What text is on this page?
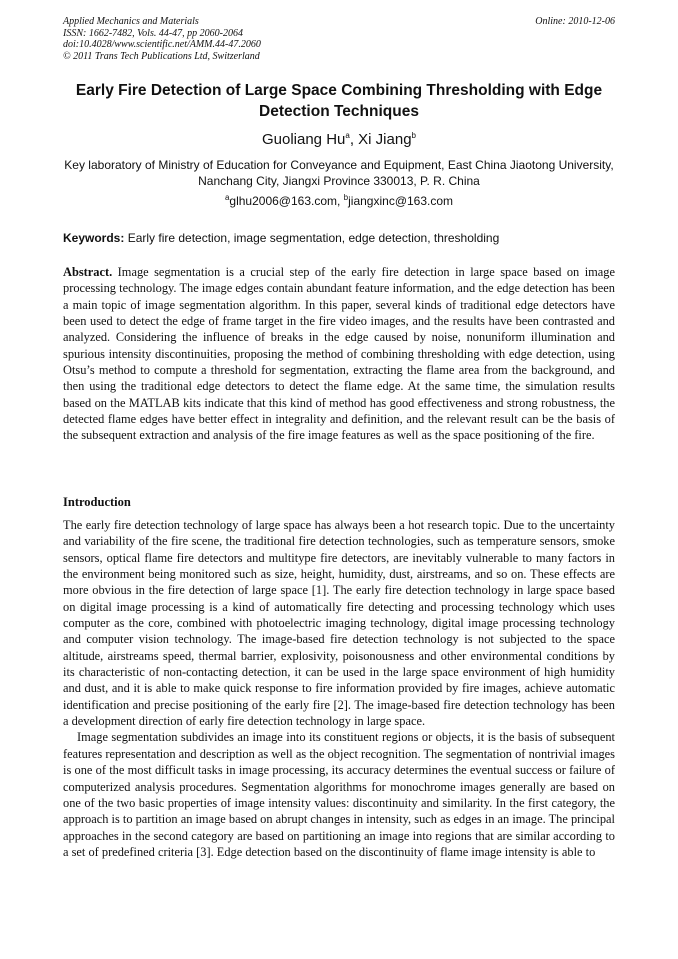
Applied Mechanics and Materials
ISSN: 1662-7482, Vols. 44-47, pp 2060-2064
doi:10.4028/www.scientific.net/AMM.44-47.2060
© 2011 Trans Tech Publications Ltd, Switzerland
Online: 2010-12-06
Early Fire Detection of Large Space Combining Thresholding with Edge Detection Techniques
Guoliang Hu$^a$, Xi Jiang$^b$
Key laboratory of Ministry of Education for Conveyance and Equipment, East China Jiaotong University, Nanchang City, Jiangxi Province 330013, P. R. China
$^a$glhu2006@163.com, $^b$jiangxinc@163.com
Keywords: Early fire detection, image segmentation, edge detection, thresholding
Abstract. Image segmentation is a crucial step of the early fire detection in large space based on image processing technology. The image edges contain abundant feature information, and the edge detection has been a main topic of image segmentation algorithm. In this paper, several kinds of traditional edge detectors have been used to detect the edge of frame target in the fire video images, and the results have been contrasted and analyzed. Considering the influence of breaks in the edge caused by noise, nonuniform illumination and spurious intensity discontinuities, proposing the method of combining thresholding with edge detection, using Otsu’s method to compute a threshold for segmentation, extracting the flame area from the background, and then using the traditional edge detectors to detect the flame edge. At the same time, the simulation results based on the MATLAB kits indicate that this kind of method has good effectiveness and strong robustness, the detected flame edges have better effect in integrality and definition, and the relevant result can be the basis of the subsequent extraction and analysis of the fire image features as well as the space positioning of the fire.
Introduction

The early fire detection technology of large space has always been a hot research topic. Due to the uncertainty and variability of the fire scene, the traditional fire detection technologies, such as temperature sensors, smoke sensors, optical flame fire detectors and multitype fire detectors, are inevitably vulnerable to many factors in the environment being monitored such as size, height, humidity, dust, airstreams, and so on. These effects are more obvious in the fire detection of large space [1]. The early fire detection technology in large space based on digital image processing is a kind of automatically fire detecting and processing technology which uses computer as the core, combined with photoelectric imaging technology, digital image processing technology and computer vision technology. The image-based fire detection technology is not subjected to the space altitude, airstreams speed, thermal barrier, explosivity, poisonousness and other environmental conditions by its characteristic of non-contacting detection, it can be used in the large space environment of high humidity and dust, and it is able to make quick response to fire information provided by fire images, achieve automatic identification and precise positioning of the early fire [2]. The image-based fire detection technology has been a development direction of early fire detection technology in large space.

Image segmentation subdivides an image into its constituent regions or objects, it is the basis of subsequent features representation and description as well as the object recognition. The segmentation of nontrivial images is one of the most difficult tasks in image processing, its accuracy determines the eventual success or failure of computerized analysis procedures. Segmentation algorithms for monochrome images generally are based on one of the two basic properties of image intensity values: discontinuity and similarity. In the first category, the approach is to partition an image based on abrupt changes in intensity, such as edges in an image. The principal approaches in the second category are based on partitioning an image into regions that are similar according to a set of predefined criteria [3]. Edge detection based on the discontinuity of flame image intensity is able to
